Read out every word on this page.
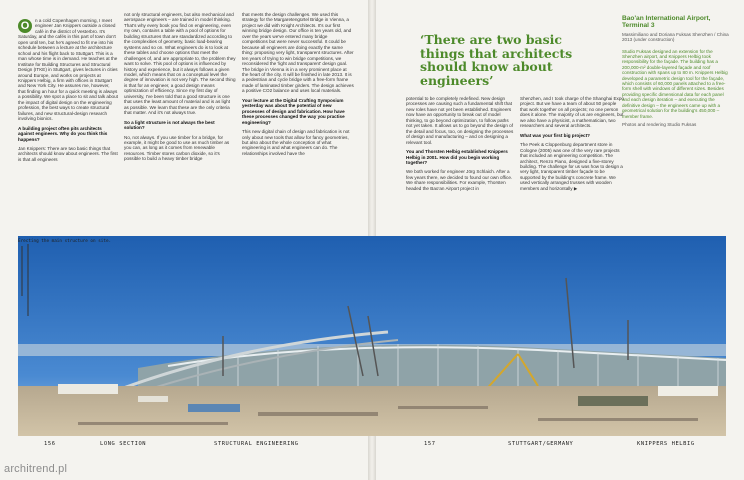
O	n a cold Copenhagen morning, I meet engineer Jan Knippers outside a closed café in the district of Vesterbro. It's Saturday, and the cafés in this part of town don't open until ten, but he's agreed to fit me into his schedule between a lecture at the architecture school and his flight back to Stuttgart. This is a man whose time is in demand. He teaches at the Institute for Building Structures and Structural Design (ITKE) in Stuttgart, gives lectures in cities around Europe, and works on projects at Knippers Helbig, a firm with offices in Stuttgart and New York City. He assures me, however, that finding an hour for a quick meeting is always a possibility. We spot a place to sit and talk about the impact of digital design on the engineering profession, the best ways to create structural failures, and new structural-design research involving bionics.

A building project often pits architects against engineers. Why do you think this happens?

Jan Knippers: There are two basic things that architects should know about engineers. The first is that all engineers

not only structural engineers, but also mechanical and aerospace engineers – are trained in model thinking. That's why every book you find on engineering, even my own, contains a table with a pool of options for building structures that are standardized according to the complexities of geometry, basic load-bearing systems and so on. What engineers do is to look at these tables and choose options that meet the challenges of, and are appropriate to, the problem they want to solve. This pool of options is influenced by history and experience, but it always follows a given model, which means that on a conceptual level the degree of innovation is not very high. The second thing is that for an engineer, a good design means optimization of efficiency. Since my first day of university, I've been told that a good structure is one that uses the least amount of material and is as light as possible. We learn that these are the only criteria that matter. And it's not always true.

So a light structure is not always the best solution?

No, not always. If you use timber for a bridge, for example, it might be good to use as much timber as you can, as long as it comes from renewable resources. Timber stores carbon dioxide, so it's possible to build a heavy timber bridge

that meets the design challenges. We used this strategy for the Margaretengürtel Bridge in Vienna, a project we did with Knight Architects. It's our first winning bridge design. Our office is ten years old, and over the years we've entered many bridge competitions but were never successful. It could be because all engineers are doing exactly the same thing: proposing very light, transparent structures. After ten years of trying to win bridge competitions, we reconsidered the 'light and transparent' design goal. The bridge in Vienna is in a very prominent place at the heart of the city. It will be finished in late 2013. It is a pedestrian and cycle bridge with a free-form frame made of laminated timber girders. The design achieves a positive CO2 balance and uses local materials.

Your lecture at the Digital Crafting Symposium yesterday was about the potential of new processes of design and fabrication. How have these processes changed the way you practise engineering?

This new digital chain of design and fabrication is not only about new tools that allow for fancy geometries, but also about the whole conception of what engineering is and what engineers can do. The relationships involved have the

potential to be completely redefined. New design processes are causing such a fundamental shift that new roles have not yet been established. Engineers now have an opportunity to break out of model thinking, to go beyond optimization, to follow paths not yet taken. It allows us to go beyond the design of the detail and focus, too, on designing the processes of design and manufacturing – and on designing a relevant tool.

You and Thorsten Helbig established Knippers Helbig in 2001. How did you begin working together?

We both worked for engineer Jörg Schlaich. After a few years there, we decided to found our own office. We share responsibilities. For example, Thorsten headed the Bao'an Airport project in

Shenzhen, and I took charge of the Shanghai Expo project. But we have a team of about 50 people that work together on all projects; no one person does it alone. The majority of us are engineers, but we also have a physicist, a mathematician, two researchers and several architects.

What was your first big project?

The Peek & Cloppenburg department store in Cologne (2005) was one of the very rare projects that included an engineering competition. The architect, Renzo Piano, designed a five-storey building. The challenge for us was how to design a very light, transparent timber façade to be supported by the building's concrete frame. We used vertically arranged trusses with wooden members and horizontally ▶

‘There are two basic things that architects should know about engineers’
Bao'an International Airport, Terminal 3
Massimiliano and Doriana Fuksas Shenzhen / China 2013 (under construction)

Studio Fuksas designed an extension for the Shenzhen airport, and Knippers Helbig took responsibility for the façade. The building has a 200,000-m² double-layered façade and roof construction with spans up to 80 m. Knippers Helbig developed a parametric design tool for the façade, which consists of 60,000 panels attached to a free-form shell with windows of different sizes. Besides providing specific dimensional data for each panel and each design iteration – and executing the definitive design – the engineers came up with a geometrical solution for the building's 450,000 –member frame.

Photos and rendering Studio Fuksas

Erecting the main structure on site.
156	LONG SECTION	STRUCTURAL ENGINEERING	157	STUTTGART/GERMANY	KNIPPERS HELBIG
architrend.pl
